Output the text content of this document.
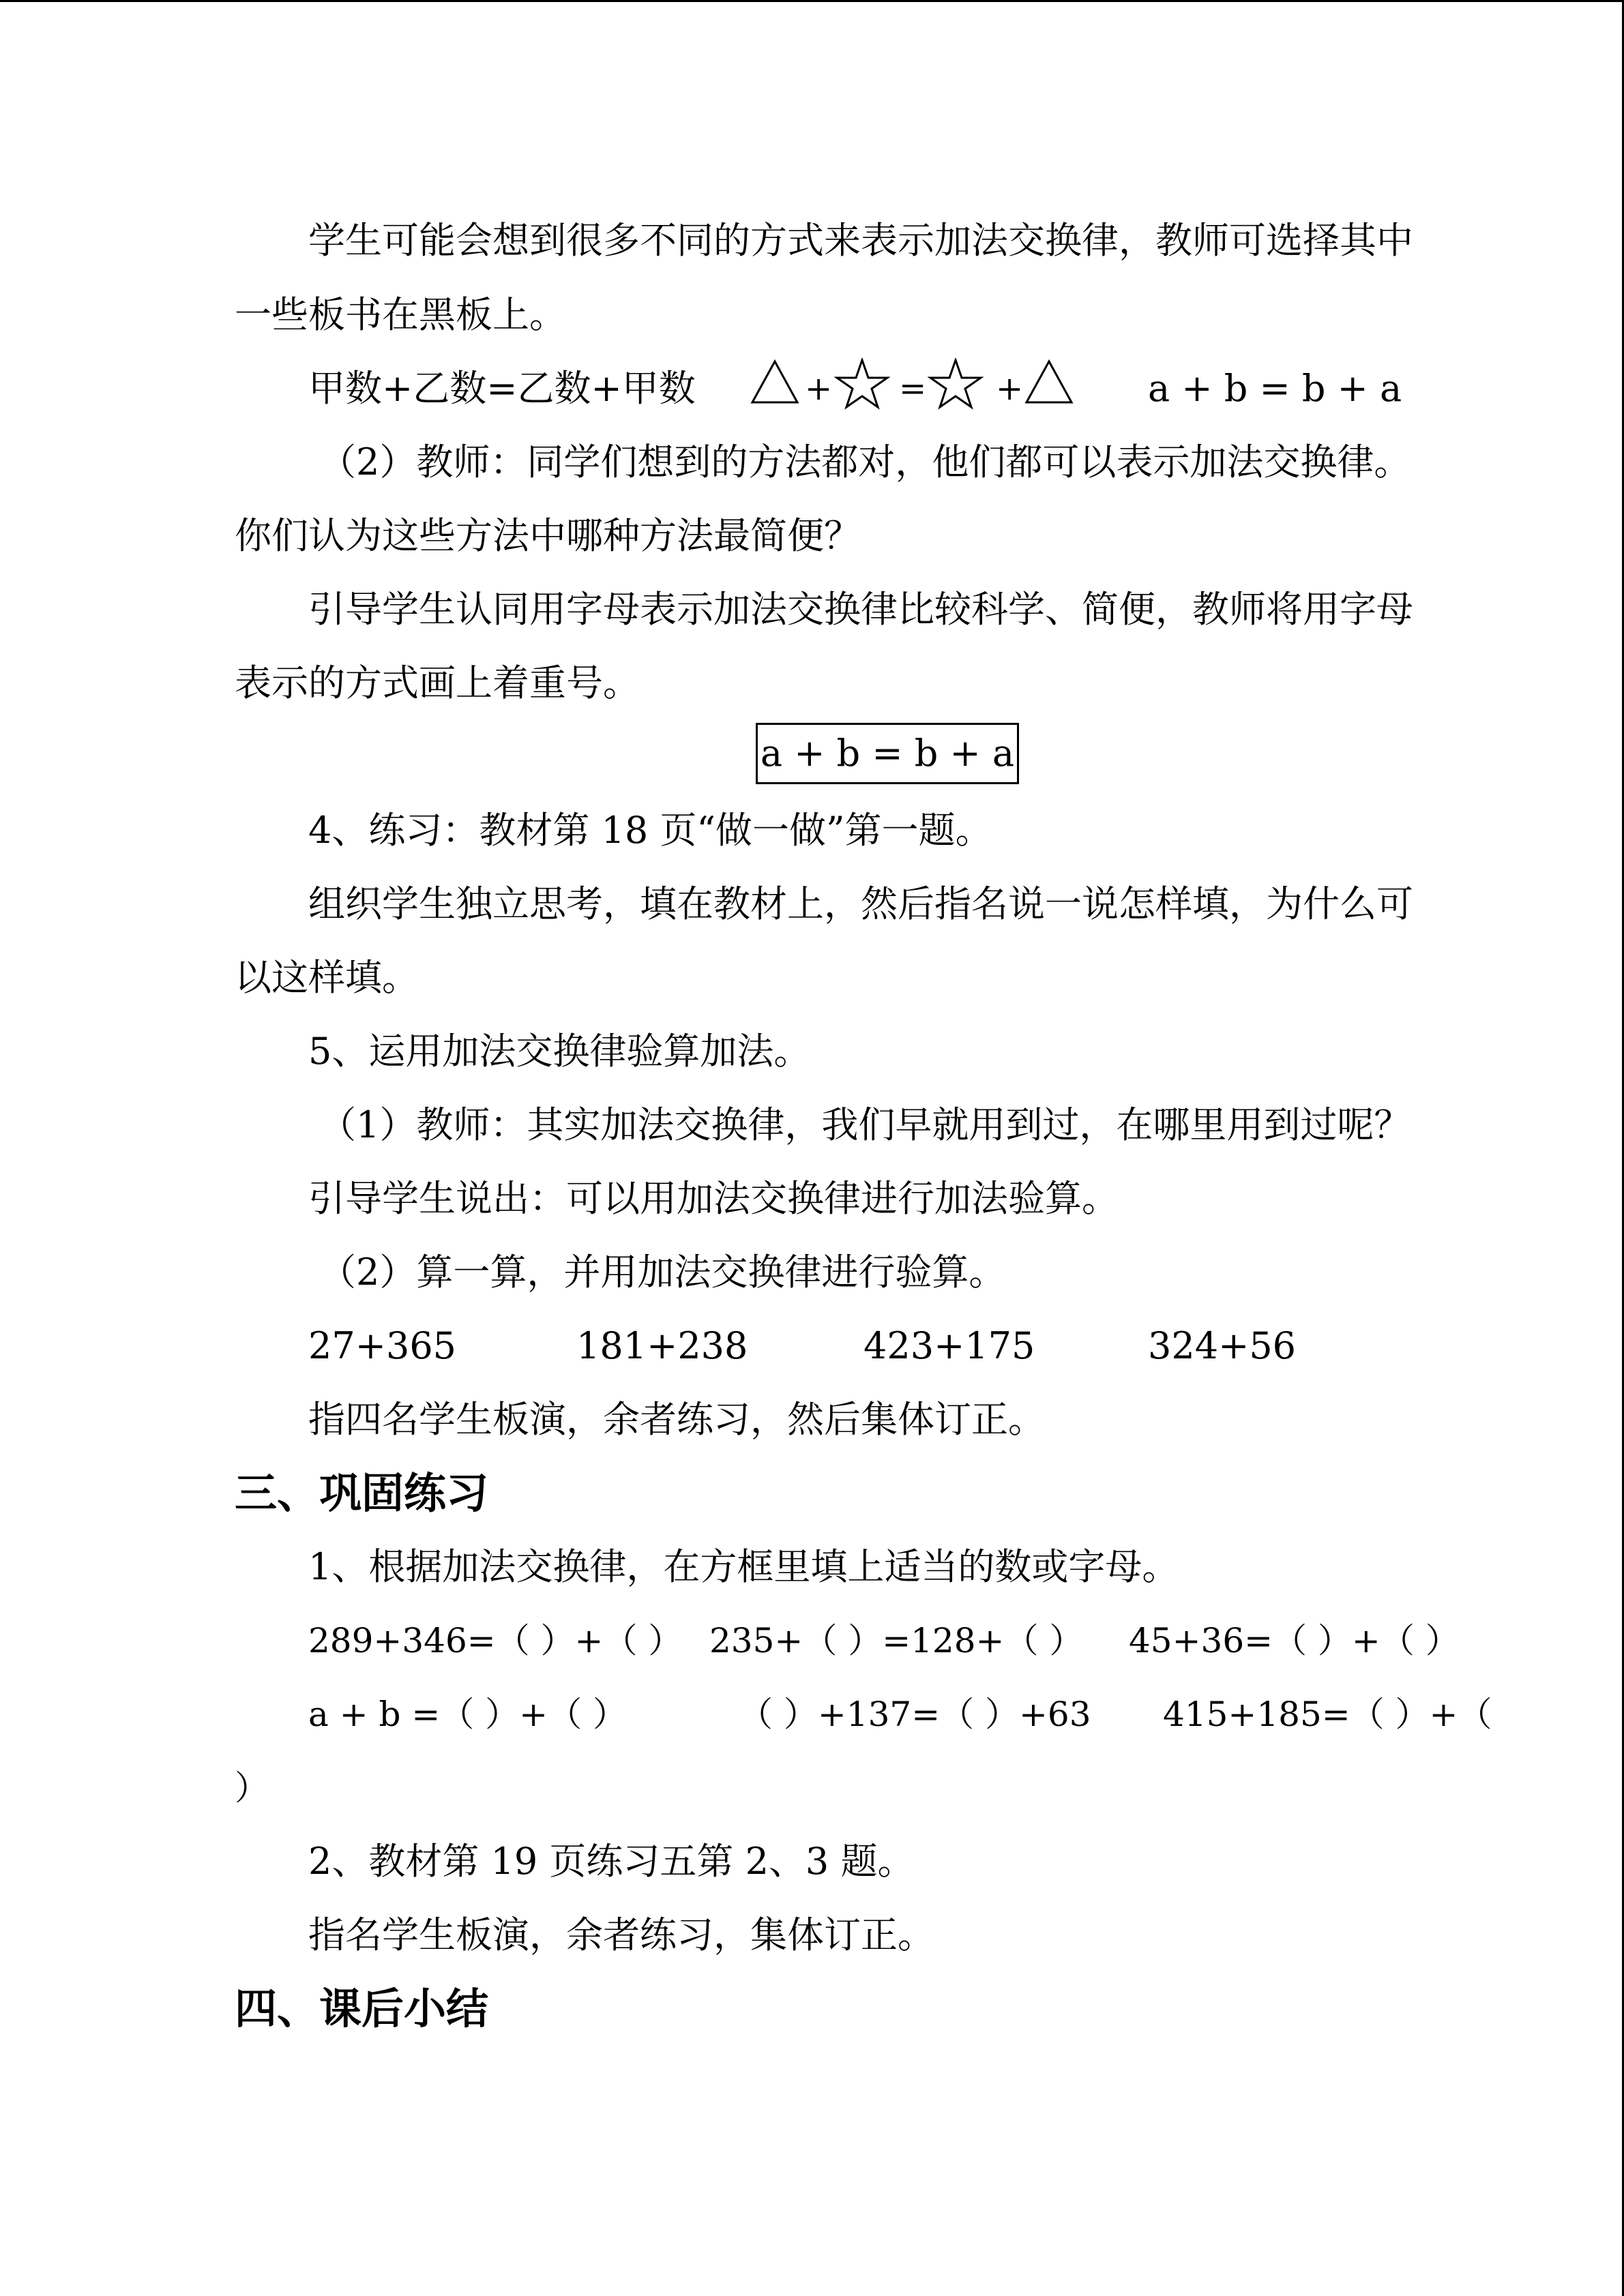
学生可能会想到很多不同的方式来表示加法交换律，教师可选择其中
一些板书在黑板上。
甲数+乙数=乙数+甲数	+ = +	a + b = b + a
（2）教师：同学们想到的方法都对，他们都可以表示加法交换律。
你们认为这些方法中哪种方法最简便？
引导学生认同用字母表示加法交换律比较科学、简便，教师将用字母
表示的方式画上着重号。
a + b = b + a
4、练习：教材第 18 页“做一做”第一题。
组织学生独立思考，填在教材上，然后指名说一说怎样填，为什么可
以这样填。
5、运用加法交换律验算加法。
（1）教师：其实加法交换律，我们早就用到过，在哪里用到过呢？
引导学生说出：可以用加法交换律进行加法验算。
（2）算一算，并用加法交换律进行验算。
27+365	181+238	423+175	324+56
指四名学生板演，余者练习，然后集体订正。
三、巩固练习
1、根据加法交换律，在方框里填上适当的数或字母。
289+346=（ ）+（ ） 235+（ ）=128+（ ） 45+36=（ ）+（ ）
a + b =（ ）+（ ）	（ ）+137=（ ）+63 415+185=（ ）+（
）
2、教材第 19 页练习五第 2、3 题。
指名学生板演，余者练习，集体订正。
四、课后小结
